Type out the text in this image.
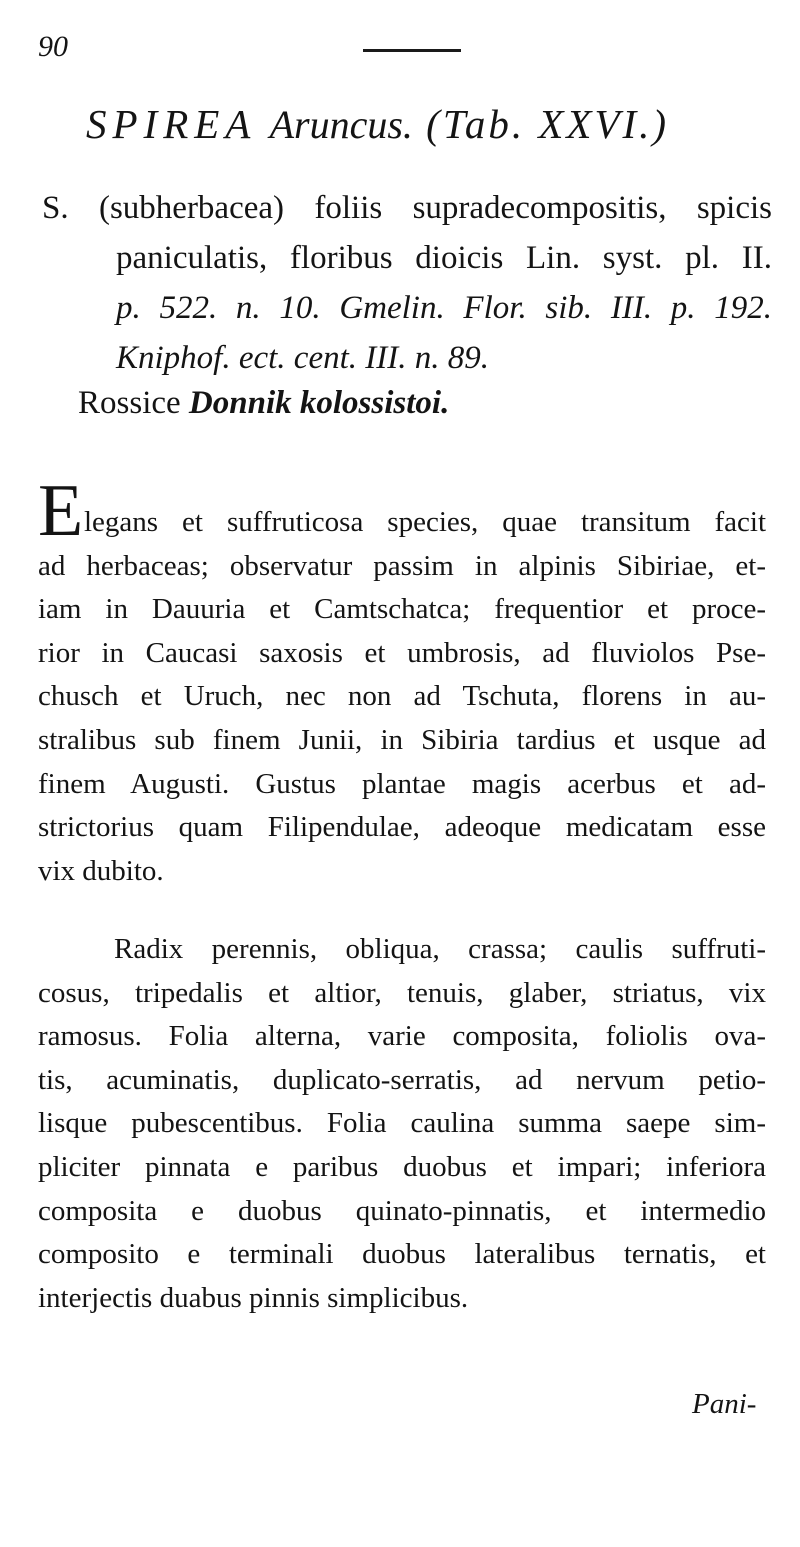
90
SPIREA Aruncus. (Tab. XXVI.)
S. (subherbacea) foliis supradecompositis, spicis
paniculatis, floribus dioicis Lin. syst. pl. II.
p. 522. n. 10. Gmelin. Flor. sib. III. p. 192.
Kniphof. ect. cent. III. n. 89.
Rossice Donnik kolossistoi.
E legans et suffruticosa species, quae transitum facit
ad herbaceas; observatur passim in alpinis Sibiriae, et-
iam in Dauuria et Camtschatca; frequentior et proce-
rior in Caucasi saxosis et umbrosis, ad fluviolos Pse-
chusch et Uruch, nec non ad Tschuta, florens in au-
stralibus sub finem Junii, in Sibiria tardius et usque ad
finem Augusti. Gustus plantae magis acerbus et ad-
strictorius quam Filipendulae, adeoque medicatam esse
vix dubito.
Radix perennis, obliqua, crassa; caulis suffruti-
cosus, tripedalis et altior, tenuis, glaber, striatus, vix
ramosus. Folia alterna, varie composita, foliolis ova-
tis, acuminatis, duplicato-serratis, ad nervum petio-
lisque pubescentibus. Folia caulina summa saepe sim-
pliciter pinnata e paribus duobus et impari; inferiora
composita e duobus quinato-pinnatis, et intermedio
composito e terminali duobus lateralibus ternatis, et
interjectis duabus pinnis simplicibus.
Pani-
